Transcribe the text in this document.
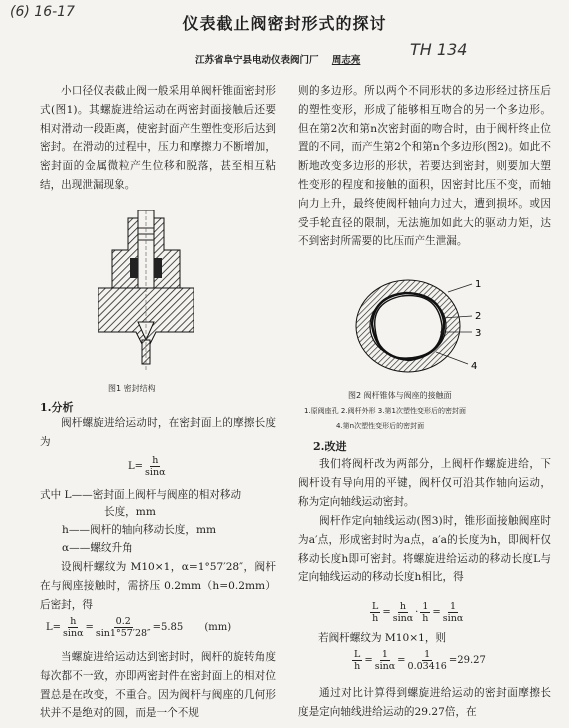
(6) 16-17
TH 134
仪表截止阀密封形式的探讨
江苏省阜宁县电动仪表阀门厂 周志亮

小口径仪表截止阀一般采用单阀杆锥面密封形式(图1)。其螺旋进给运动在两密封面接触后还要相对滑动一段距离，使密封面产生塑性变形后达到密封。在滑动的过程中，压力和摩擦力不断增加，密封面的金属微粒产生位移和脱落，甚至相互粘结，出现泄漏现象。

图1 密封结构
1.分析

阀杆螺旋进给运动时，在密封面上的摩擦长度为

$L= \frac{h}{\sin\alpha}$
式中 L——密封面上阀杆与阀座的相对移动
长度，mm
h——阀杆的轴向移动长度，mm
α——螺纹升角

设阀杆螺纹为 M10×1，α=1°57′28″，阀杆在与阀座接触时，需挤压 0.2mm（h=0.2mm）后密封，得

$L= \frac{h}{\sin\alpha} = \frac{0.2}{\sin 1^\circ 57'28''} =5.85$ (mm)

当螺旋进给运动达到密封时，阀杆的旋转角度每次都不一致，亦即两密封件在密封面上的相对位置总是在改变，不重合。因为阀杆与阀座的几何形状并不是绝对的圆，而是一个不规

则的多边形。所以两个不同形状的多边形经过挤压后的塑性变形，形成了能够相互吻合的另一个多边形。但在第2次和第n次密封面的吻合时，由于阀杆终止位置的不同，而产生第2个和第n个多边形(图2)。如此不断地改变多边形的形状，若要达到密封，则要加大塑性变形的程度和接触的面积，因密封比压不变，而轴向力上升，最终使阀杆轴向力过大，遭到损坏。或因受手轮直径的限制，无法施加如此大的驱动力矩，达不到密封所需要的比压而产生泄漏。

1
2
3
4
图2 阀杆锥体与阀座的接触面
1.原阀座孔 2.阀杆外形 3.第1次塑性变形后的密封面
4.第n次塑性变形后的密封面
2.改进

我们将阀杆改为两部分，上阀杆作螺旋进给，下阀杆设有导向用的平键，阀杆仅可沿其作轴向运动，称为定向轴线运动密封。

阀杆作定向轴线运动(图3)时，锥形面接触阀座时为a′点，形成密封时为a点，a′a的长度为h，即阀杆仅移动长度h即可密封。将螺旋进给运动的移动长度L与定向轴线运动的移动长度h相比，得

$\frac{L}{h} = \frac{h}{\sin\alpha} \cdot \frac{1}{h} = \frac{1}{\sin\alpha}$
若阀杆螺纹为 M10×1，则
$\frac{L}{h} = \frac{1}{\sin\alpha} = \frac{1}{0.03416} =29.27$

通过对比计算得到螺旋进给运动的密封面摩擦长度是定向轴线进给运动的29.27倍，在
